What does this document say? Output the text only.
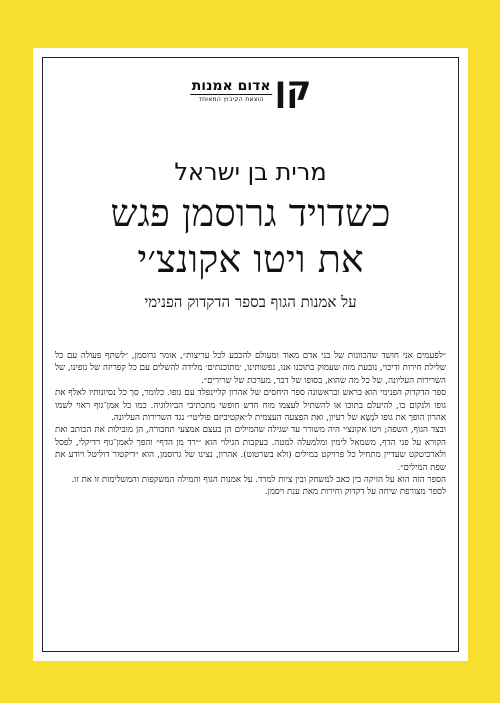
קן
אדום אמנות
הוצאת הקיבוץ המאוחד
מרית בן ישראל
כשדויד גרוסמן פגש
את ויטו אקונצ׳י
על אמנות הגוף בספר הדקדוק הפנימי

״לפעמים אני חושד שהכוונות של בני אדם מאוד ומעולם להכבע לכל עריצות״, אומר גרוסמן, ״לשתף פעולה עם כל שלילת חירות ודיכוי, נובעת מזה שעמוק בתוכנו אנו, נפשותינו, ׳מתוכנתים׳ מלידה להשלים עם כל קפריזה של גופינו, של השרירות העליונה, של כל מה שהוא, בסופו של דבר, מערכת של שרירים״.

ספר הדקדוק הפנימי הוא בראש ובראשונה ספר היחסים של אהרון קליינפלד עם גופו. כלומר, סך כל נסיונותיו לאלף את גופו ולנקום בו, להיעלם בתוכו או להשתיל לעצמו מוח חדש חופשי מתכתיבי הביולוגיה. כמו כל אמן־גוף ראוי לשמו אהרון הופך את גופו לנֶשָׂא של רעיון, ואת הפצעה העצמית ל״אקטיביזם פוליטי״ נגד השרירות העליונה.

ובצד הגוף, השפה; ויטו אקונצ׳י היה משורר עד שגילה שהמילים הן בעצם אמצעי תחבורה, הן מובילות את הכותב ואת הקורא על פני הדף, משמאל לימין ומלמעלה למטה. בעקבות הגילוי הוא ״ירד מן הדף״ והפך לאמן־גוף רדיקלי, לפסל ולארכיטקט שעדיין מתחיל כל פרויקט במילים (ולא בשרטוט). אהרון, נצינו של גרוסמן, הוא ״דיקטור דוליטל ויודע את שפת המילים״.

הספר הזה הוא על הזיקה בין כאב למשחק ובין ציות למרד. על אמנות הגוף והמילה המשקפות והמשלימות זו את זו.

לספר מצורפת שיחה על דקדוק וחירות מאת ענת ויסמן.
